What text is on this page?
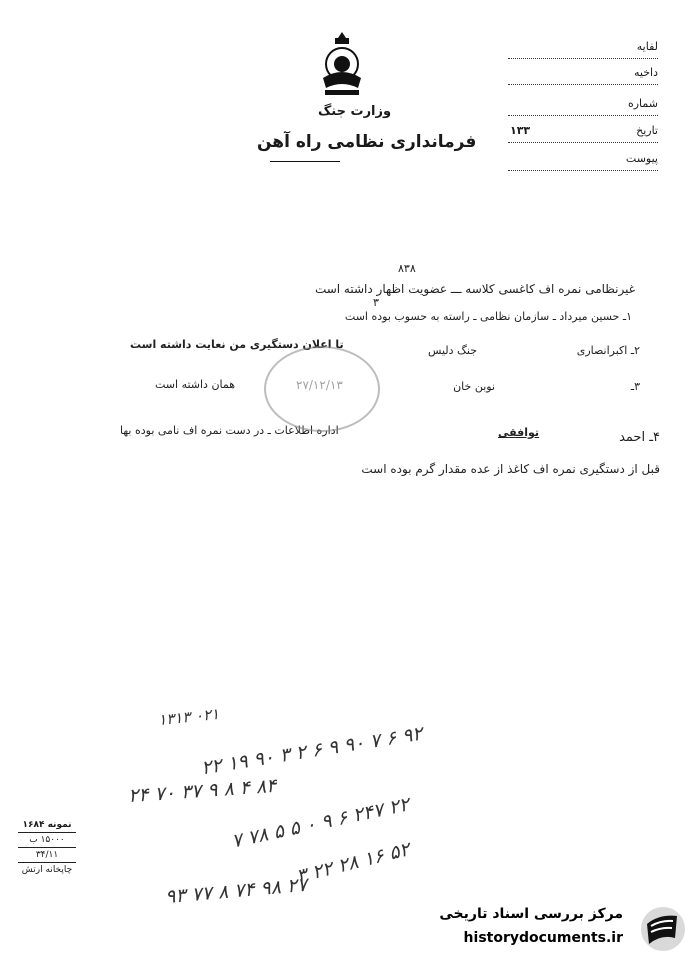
وزارت جنگ
فرمانداری نظامی راه آهن
لفایه
داخیه
شماره
۱۳۳	تاریخ
پیوست
۸۳۸
غیرنظامی نمره اف کاغسی کلاسه ـــ عضویت اظهار داشته است
۳
۱ـ حسین میرداد ـ سازمان نظامی ـ راسته به حسوب بوده است
۲ـ اکبرانصاری
جنگ دلیس
تا اعلان دستگیری من نعایت داشته است
۳ـ
نوبن خان
همان داشته است
۴ـ احمد
توافقی
اداره اطلاعات ـ در دست نمره اف نامی بوده بها
قبل از دستگیری نمره اف کاغذ از عده مقدار گرم بوده است
۲۷/۱۲/۱۳
۱۳۱۳ ۰۲۱
۲۲ ۱۹ ۹۰ ۳ ۲ ۶ ۹ ۹۰ ۷ ۶ ۹۲
۲۴ ۷۰ ۳۷ ۹ ۸ ۴ ۸۴
۷ ۷۸ ۵ ۵ ۰ ۹ ۶ ۲۴۷ ۲۲
۳ ۲۲ ۲۸ ۱۶ ۵۲
۹۳ ۷۷ ۸ ۷۴ ۹۸ ۲۷
نمونه ۱۶۸۴
۱۵۰۰۰ ب
۳۴/۱۱
چاپخانه ارتش
مرکز بررسی اسناد تاریخی
historydocuments.ir
